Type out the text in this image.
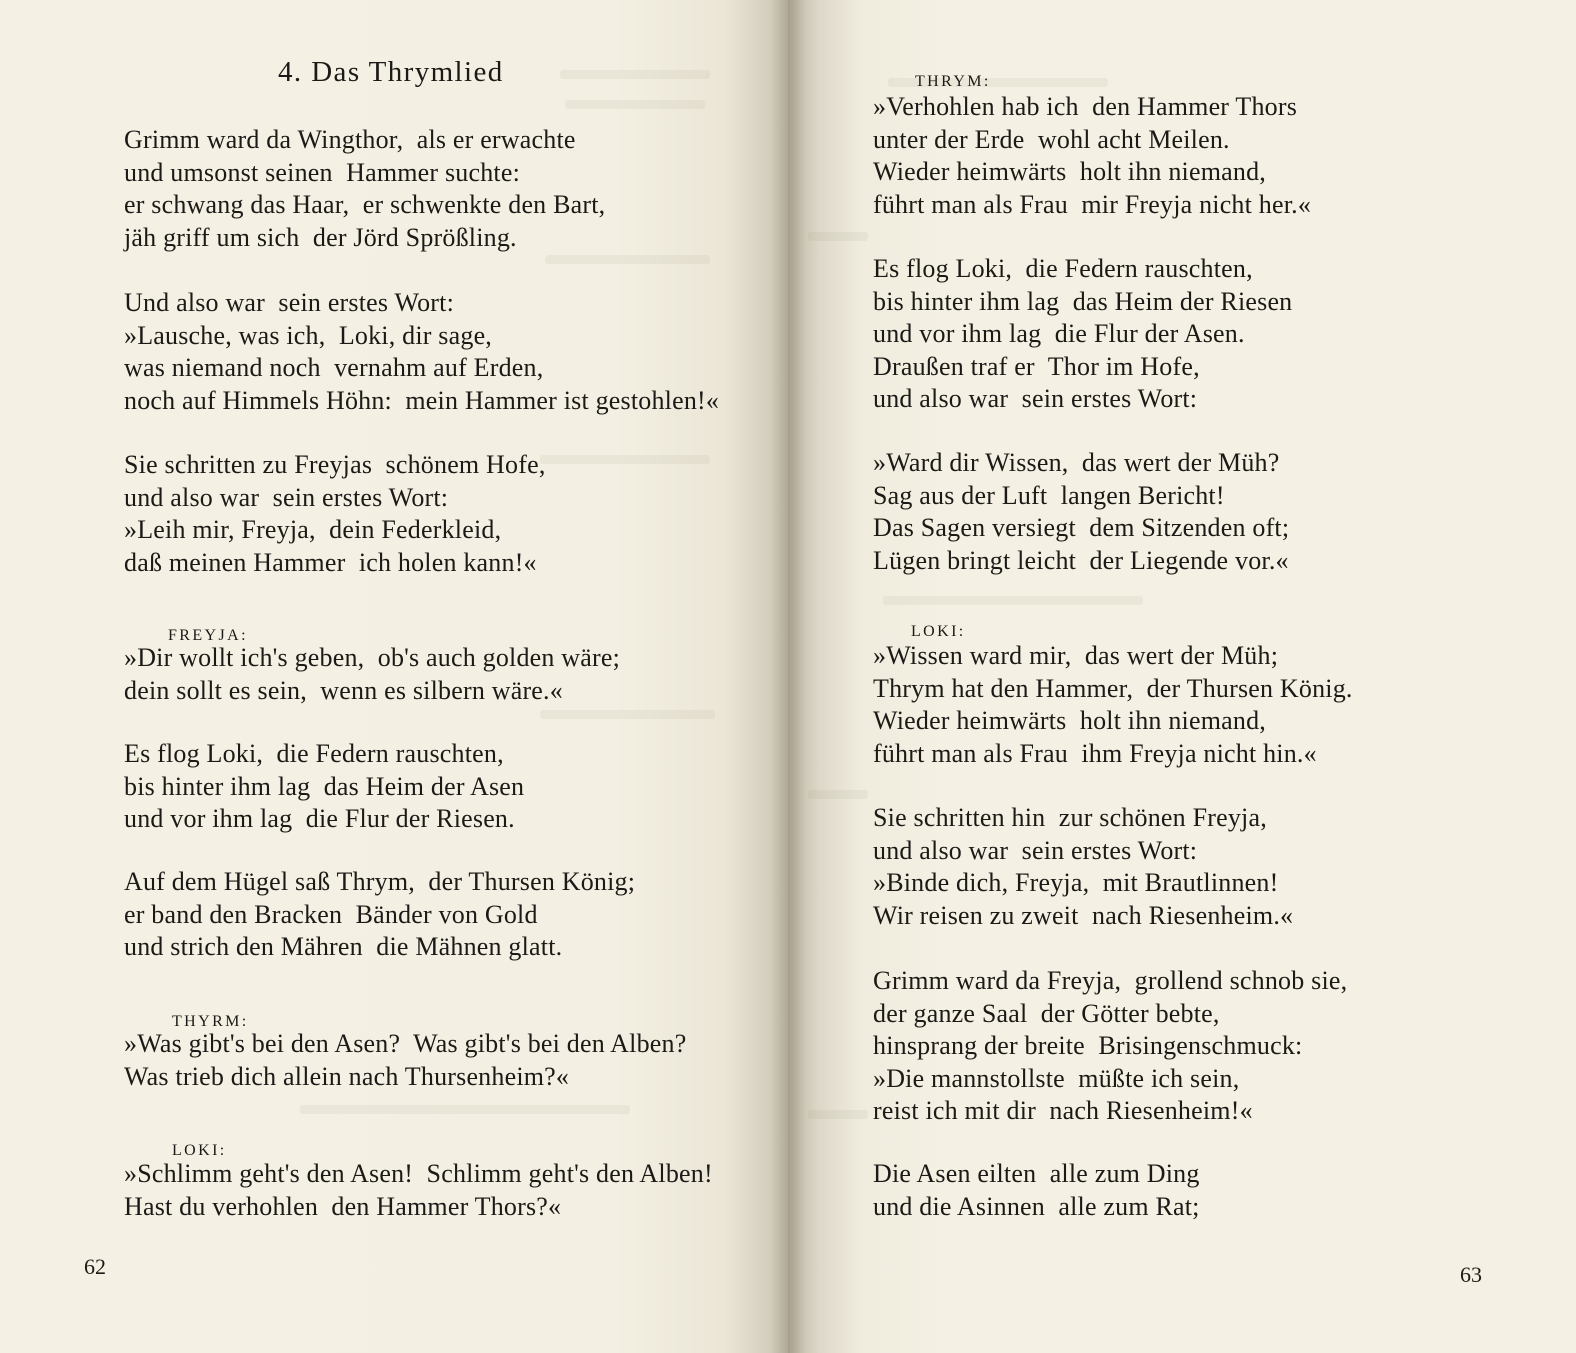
4. Das Thrymlied
Grimm ward da Wingthor,  als er erwachte
und umsonst seinen  Hammer suchte:
er schwang das Haar,  er schwenkte den Bart,
jäh griff um sich  der Jörd Sprößling.
Und also war  sein erstes Wort:
»Lausche, was ich,  Loki, dir sage,
was niemand noch  vernahm auf Erden,
noch auf Himmels Höhn:  mein Hammer ist gestohlen!«
Sie schritten zu Freyjas  schönem Hofe,
und also war  sein erstes Wort:
»Leih mir, Freyja,  dein Federkleid,
daß meinen Hammer  ich holen kann!«
FREYJA:
»Dir wollt ich's geben,  ob's auch golden wäre;
dein sollt es sein,  wenn es silbern wäre.«
Es flog Loki,  die Federn rauschten,
bis hinter ihm lag  das Heim der Asen
und vor ihm lag  die Flur der Riesen.
Auf dem Hügel saß Thrym,  der Thursen König;
er band den Bracken  Bänder von Gold
und strich den Mähren  die Mähnen glatt.
THYRM:
»Was gibt's bei den Asen?  Was gibt's bei den Alben?
Was trieb dich allein nach Thursenheim?«
LOKI:
»Schlimm geht's den Asen!  Schlimm geht's den Alben!
Hast du verhohlen  den Hammer Thors?«
62
THRYM:
»Verhohlen hab ich  den Hammer Thors
unter der Erde  wohl acht Meilen.
Wieder heimwärts  holt ihn niemand,
führt man als Frau  mir Freyja nicht her.«
Es flog Loki,  die Federn rauschten,
bis hinter ihm lag  das Heim der Riesen
und vor ihm lag  die Flur der Asen.
Draußen traf er  Thor im Hofe,
und also war  sein erstes Wort:
»Ward dir Wissen,  das wert der Müh?
Sag aus der Luft  langen Bericht!
Das Sagen versiegt  dem Sitzenden oft;
Lügen bringt leicht  der Liegende vor.«
LOKI:
»Wissen ward mir,  das wert der Müh;
Thrym hat den Hammer,  der Thursen König.
Wieder heimwärts  holt ihn niemand,
führt man als Frau  ihm Freyja nicht hin.«
Sie schritten hin  zur schönen Freyja,
und also war  sein erstes Wort:
»Binde dich, Freyja,  mit Brautlinnen!
Wir reisen zu zweit  nach Riesenheim.«
Grimm ward da Freyja,  grollend schnob sie,
der ganze Saal  der Götter bebte,
hinsprang der breite  Brisingenschmuck:
»Die mannstollste  müßte ich sein,
reist ich mit dir  nach Riesenheim!«
Die Asen eilten  alle zum Ding
und die Asinnen  alle zum Rat;
63
